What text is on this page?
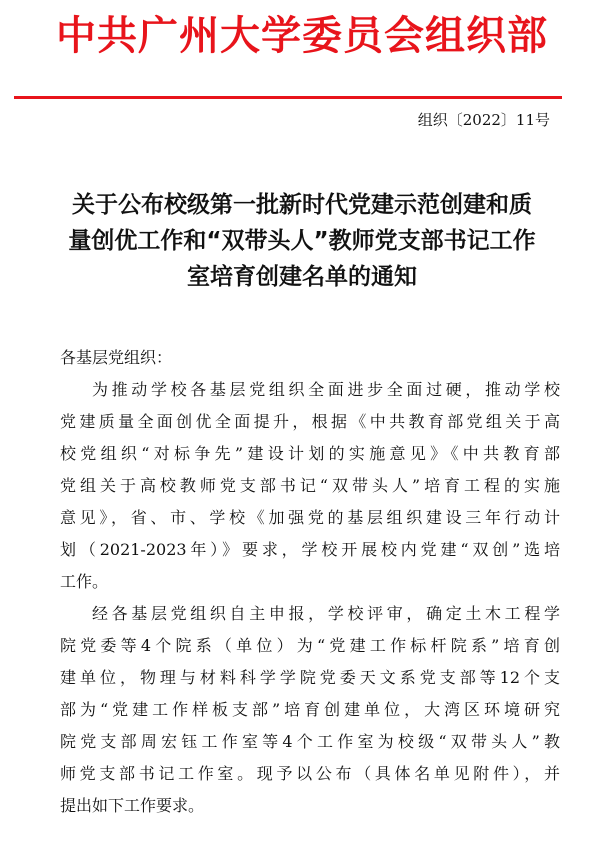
中共广州大学委员会组织部
组织〔2022〕11号
关于公布校级第一批新时代党建示范创建和质
量创优工作和“双带头人”教师党支部书记工作
室培育创建名单的通知
各基层党组织：
为推动学校各基层党组织全面进步全面过硬，推动学校
党建质量全面创优全面提升，根据《中共教育部党组关于高
校党组织“对标争先”建设计划的实施意见》《中共教育部
党组关于高校教师党支部书记“双带头人”培育工程的实施
意见》，省、市、学校《加强党的基层组织建设三年行动计
划（2021-2023年）》要求，学校开展校内党建“双创”选培
工作。
经各基层党组织自主申报，学校评审，确定土木工程学
院党委等4个院系（单位）为“党建工作标杆院系”培育创
建单位，物理与材料科学学院党委天文系党支部等12个支
部为“党建工作样板支部”培育创建单位，大湾区环境研究
院党支部周宏钰工作室等4个工作室为校级“双带头人”教
师党支部书记工作室。现予以公布（具体名单见附件），并
提出如下工作要求。
